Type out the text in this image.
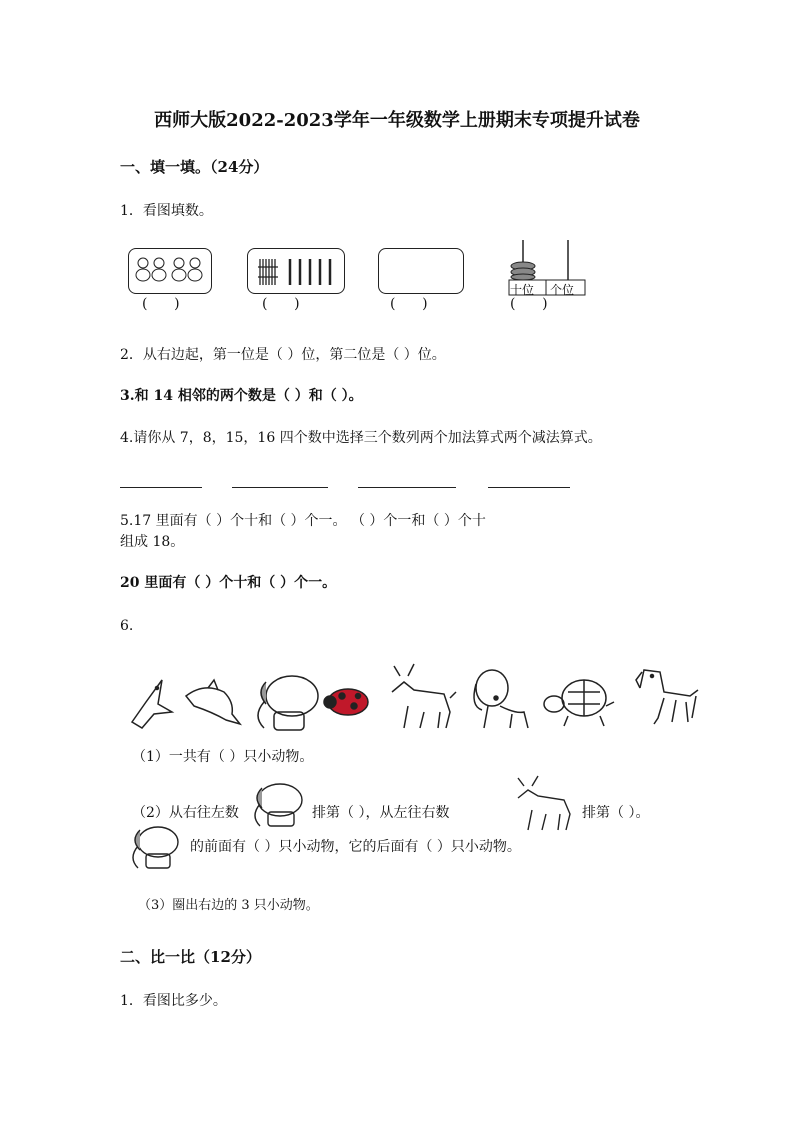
西师大版2022-2023学年一年级数学上册期末专项提升试卷
一、填一填。（24分）
1．看图填数。
(      )	(      )	(      )
十位 个位
(      )
2．从右边起，第一位是（ ）位，第二位是（ ）位。
3.和 14 相邻的两个数是（ ）和（ ）。
4.请你从 7，8，15，16 四个数中选择三个数列两个加法算式两个减法算式。
5.17 里面有（ ）个十和（ ）个一。 （ ）个一和（ ）个十
组成 18。
20 里面有（ ）个十和（ ）个一。
6.
（1）一共有（ ）只小动物。
（2）从右往左数	排第（ ），从左往右数	排第（ ）。
的前面有（ ）只小动物，它的后面有（ ）只小动物。
（3）圈出右边的 3 只小动物。
二、比一比（12分）
1．看图比多少。
